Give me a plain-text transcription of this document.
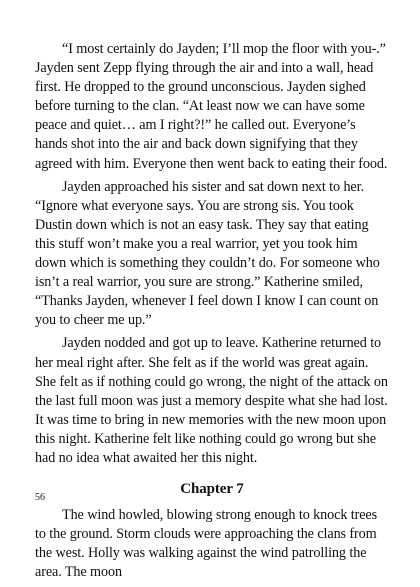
“I most certainly do Jayden; I’ll mop the floor with you-.” Jayden sent Zepp flying through the air and into a wall, head first. He dropped to the ground unconscious. Jayden sighed before turning to the clan. “At least now we can have some peace and quiet… am I right?!” he called out. Everyone’s hands shot into the air and back down signifying that they agreed with him. Everyone then went back to eating their food.

Jayden approached his sister and sat down next to her. “Ignore what everyone says. You are strong sis. You took Dustin down which is not an easy task. They say that eating this stuff won’t make you a real warrior, yet you took him down which is something they couldn’t do. For someone who isn’t a real warrior, you sure are strong.” Katherine smiled, “Thanks Jayden, whenever I feel down I know I can count on you to cheer me up.”

Jayden nodded and got up to leave. Katherine returned to her meal right after. She felt as if the world was great again. She felt as if nothing could go wrong, the night of the attack on the last full moon was just a memory despite what she had lost. It was time to bring in new memories with the new moon upon this night. Katherine felt like nothing could go wrong but she had no idea what awaited her this night.

Chapter 7

The wind howled, blowing strong enough to knock trees to the ground. Storm clouds were approaching the clans from the west. Holly was walking against the wind patrolling the area. The moon

56
